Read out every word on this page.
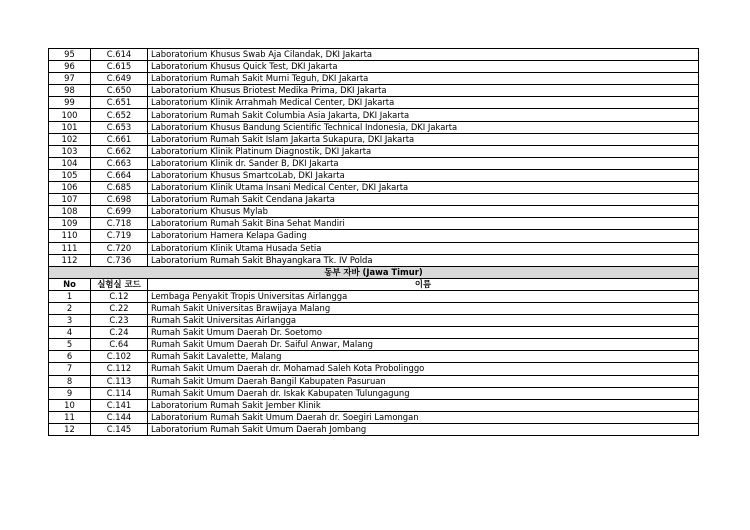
95	C.614	Laboratorium Khusus Swab Aja Cilandak, DKI Jakarta
96	C.615	Laboratorium Khusus Quick Test, DKI Jakarta
97	C.649	Laboratorium Rumah Sakit Murni Teguh, DKI Jakarta
98	C.650	Laboratorium Khusus Briotest Medika Prima, DKI Jakarta
99	C.651	Laboratorium Klinik Arrahmah Medical Center, DKI Jakarta
100	C.652	Laboratorium Rumah Sakit Columbia Asia Jakarta, DKI Jakarta
101	C.653	Laboratorium Khusus Bandung Scientific Technical Indonesia, DKI Jakarta
102	C.661	Laboratorium Rumah Sakit Islam Jakarta Sukapura, DKI Jakarta
103	C.662	Laboratorium Klinik Platinum Diagnostik, DKI Jakarta
104	C.663	Laboratorium Klinik dr. Sander B, DKI Jakarta
105	C.664	Laboratorium Khusus SmartcoLab, DKI Jakarta
106	C.685	Laboratorium Klinik Utama Insani Medical Center, DKI Jakarta
107	C.698	Laboratorium Rumah Sakit Cendana Jakarta
108	C.699	Laboratorium Khusus Mylab
109	C.718	Laboratorium Rumah Sakit Bina Sehat Mandiri
110	C.719	Laboratorium Hamera Kelapa Gading
111	C.720	Laboratorium Klinik Utama Husada Setia
112	C.736	Laboratorium Rumah Sakit Bhayangkara Tk. IV Polda
동부 자바 (Jawa Timur)		
No	실험실 코드	이름
1	C.12	Lembaga Penyakit Tropis Universitas Airlangga
2	C.22	Rumah Sakit Universitas Brawijaya Malang
3	C.23	Rumah Sakit Universitas Airlangga
4	C.24	Rumah Sakit Umum Daerah Dr. Soetomo
5	C.64	Rumah Sakit Umum Daerah Dr. Saiful Anwar, Malang
6	C.102	Rumah Sakit Lavalette, Malang
7	C.112	Rumah Sakit Umum Daerah dr. Mohamad Saleh Kota Probolinggo
8	C.113	Rumah Sakit Umum Daerah Bangil Kabupaten Pasuruan
9	C.114	Rumah Sakit Umum Daerah dr. Iskak Kabupaten Tulungagung
10	C.141	Laboratorium Rumah Sakit Jember Klinik
11	C.144	Laboratorium Rumah Sakit Umum Daerah dr. Soegiri Lamongan
12	C.145	Laboratorium Rumah Sakit Umum Daerah Jombang
